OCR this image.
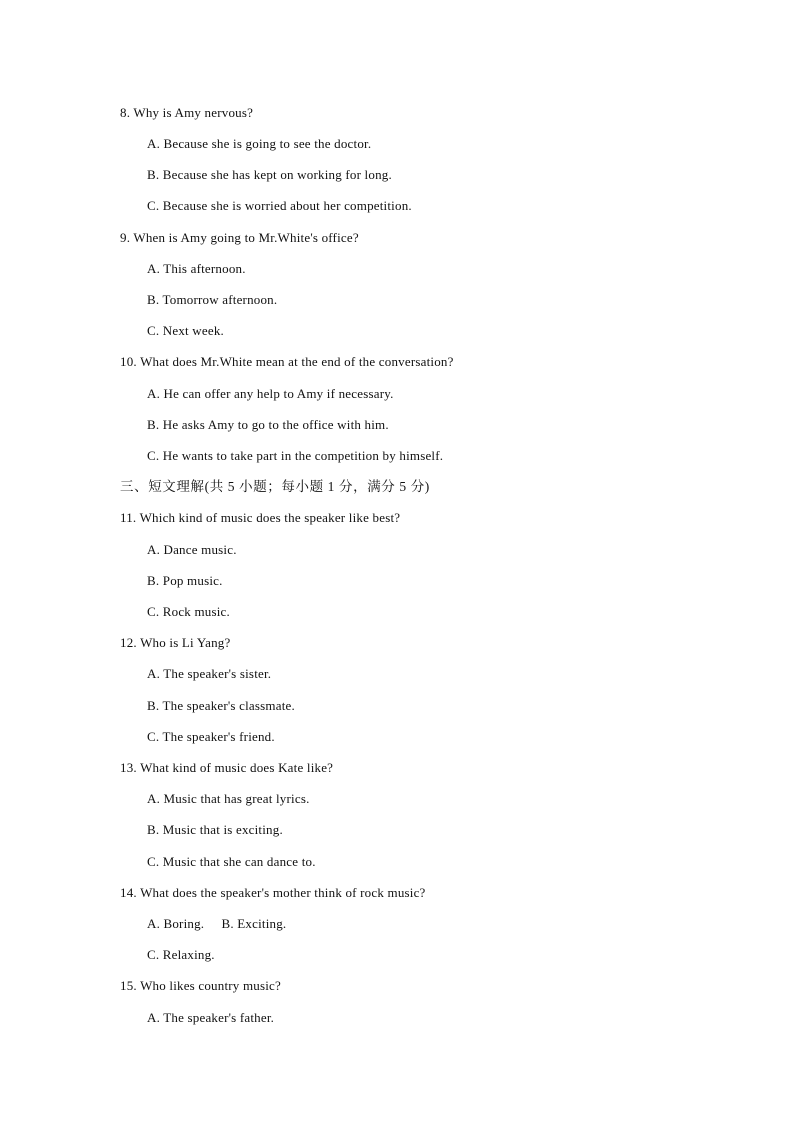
8. Why is Amy nervous?
A. Because she is going to see the doctor.
B. Because she has kept on working for long.
C. Because she is worried about her competition.
9. When is Amy going to Mr.White's office?
A. This afternoon.
B. Tomorrow afternoon.
C. Next week.
10. What does Mr.White mean at the end of the conversation?
A. He can offer any help to Amy if necessary.
B. He asks Amy to go to the office with him.
C. He wants to take part in the competition by himself.
三、短文理解(共 5 小题；每小题 1 分，满分 5 分)
11. Which kind of music does the speaker like best?
A. Dance music.
B. Pop music.
C. Rock music.
12. Who is Li Yang?
A. The speaker's sister.
B. The speaker's classmate.
C. The speaker's friend.
13. What kind of music does Kate like?
A. Music that has great lyrics.
B. Music that is exciting.
C. Music that she can dance to.
14. What does the speaker's mother think of rock music?
A. Boring.     B. Exciting.
C. Relaxing.
15. Who likes country music?
A. The speaker's father.
